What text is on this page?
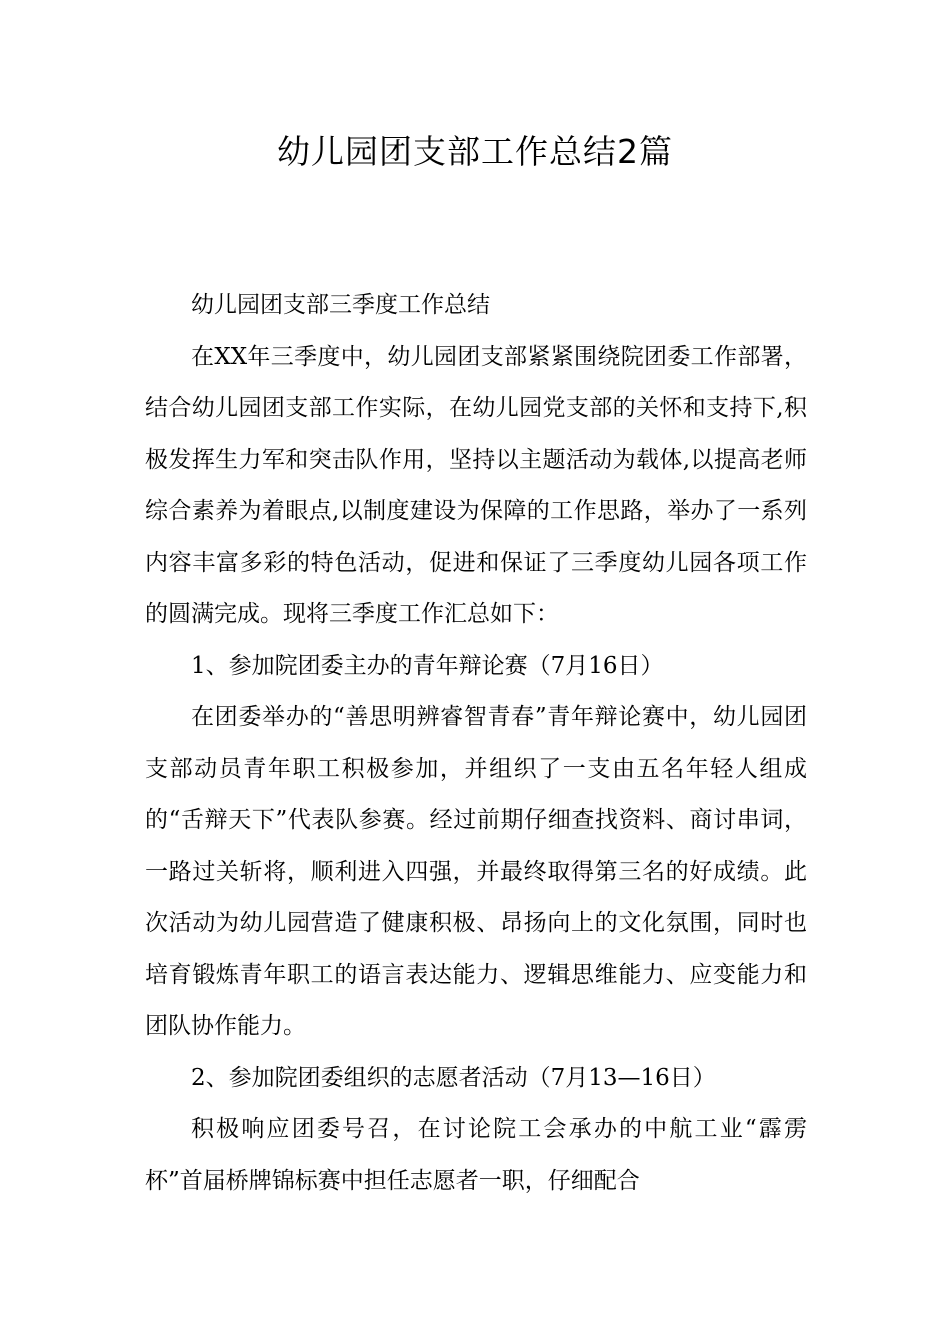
幼儿园团支部工作总结2篇

幼儿园团支部三季度工作总结

在XX年三季度中，幼儿园团支部紧紧围绕院团委工作部署，结合幼儿园团支部工作实际，在幼儿园党支部的关怀和支持下,积极发挥生力军和突击队作用，坚持以主题活动为载体,以提高老师综合素养为着眼点,以制度建设为保障的工作思路，举办了一系列内容丰富多彩的特色活动，促进和保证了三季度幼儿园各项工作的圆满完成。现将三季度工作汇总如下：

1、参加院团委主办的青年辩论赛（7月16日）

在团委举办的“善思明辨睿智青春”青年辩论赛中，幼儿园团支部动员青年职工积极参加，并组织了一支由五名年轻人组成的“舌辩天下”代表队参赛。经过前期仔细查找资料、商讨串词，一路过关斩将，顺利进入四强，并最终取得第三名的好成绩。此次活动为幼儿园营造了健康积极、昂扬向上的文化氛围，同时也培育锻炼青年职工的语言表达能力、逻辑思维能力、应变能力和团队协作能力。

2、参加院团委组织的志愿者活动（7月13—16日）

积极响应团委号召，在讨论院工会承办的中航工业“霹雳杯”首届桥牌锦标赛中担任志愿者一职，仔细配合
